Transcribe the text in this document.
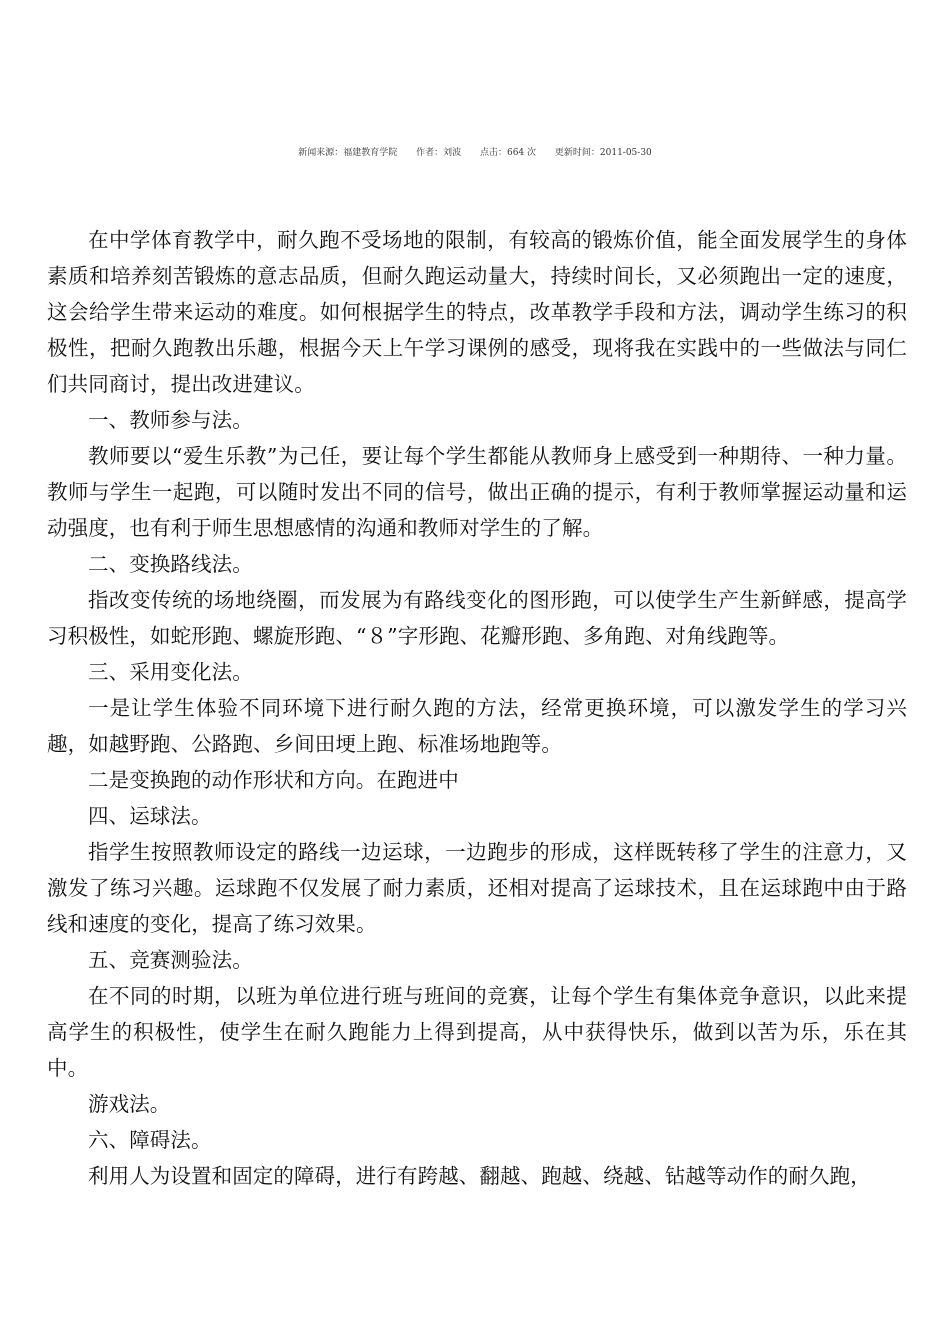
新闻来源：福建教育学院 作者：刘波 点击：664 次 更新时间：2011-05-30

在中学体育教学中，耐久跑不受场地的限制，有较高的锻炼价值，能全面发展学生的身体素质和培养刻苦锻炼的意志品质，但耐久跑运动量大，持续时间长，又必须跑出一定的速度，这会给学生带来运动的难度。如何根据学生的特点，改革教学手段和方法，调动学生练习的积极性，把耐久跑教出乐趣，根据今天上午学习课例的感受，现将我在实践中的一些做法与同仁们共同商讨，提出改进建议。

一、教师参与法。

教师要以“爱生乐教”为己任，要让每个学生都能从教师身上感受到一种期待、一种力量。教师与学生一起跑，可以随时发出不同的信号，做出正确的提示，有利于教师掌握运动量和运动强度，也有利于师生思想感情的沟通和教师对学生的了解。

二、变换路线法。

指改变传统的场地绕圈，而发展为有路线变化的图形跑，可以使学生产生新鲜感，提高学习积极性，如蛇形跑、螺旋形跑、“８”字形跑、花瓣形跑、多角跑、对角线跑等。

三、采用变化法。

一是让学生体验不同环境下进行耐久跑的方法，经常更换环境，可以激发学生的学习兴趣，如越野跑、公路跑、乡间田埂上跑、标准场地跑等。

二是变换跑的动作形状和方向。在跑进中

四、运球法。

指学生按照教师设定的路线一边运球，一边跑步的形成，这样既转移了学生的注意力，又激发了练习兴趣。运球跑不仅发展了耐力素质，还相对提高了运球技术，且在运球跑中由于路线和速度的变化，提高了练习效果。

五、竞赛测验法。

在不同的时期，以班为单位进行班与班间的竞赛，让每个学生有集体竞争意识，以此来提高学生的积极性，使学生在耐久跑能力上得到提高，从中获得快乐，做到以苦为乐，乐在其中。

游戏法。

六、障碍法。

利用人为设置和固定的障碍，进行有跨越、翻越、跑越、绕越、钻越等动作的耐久跑，
